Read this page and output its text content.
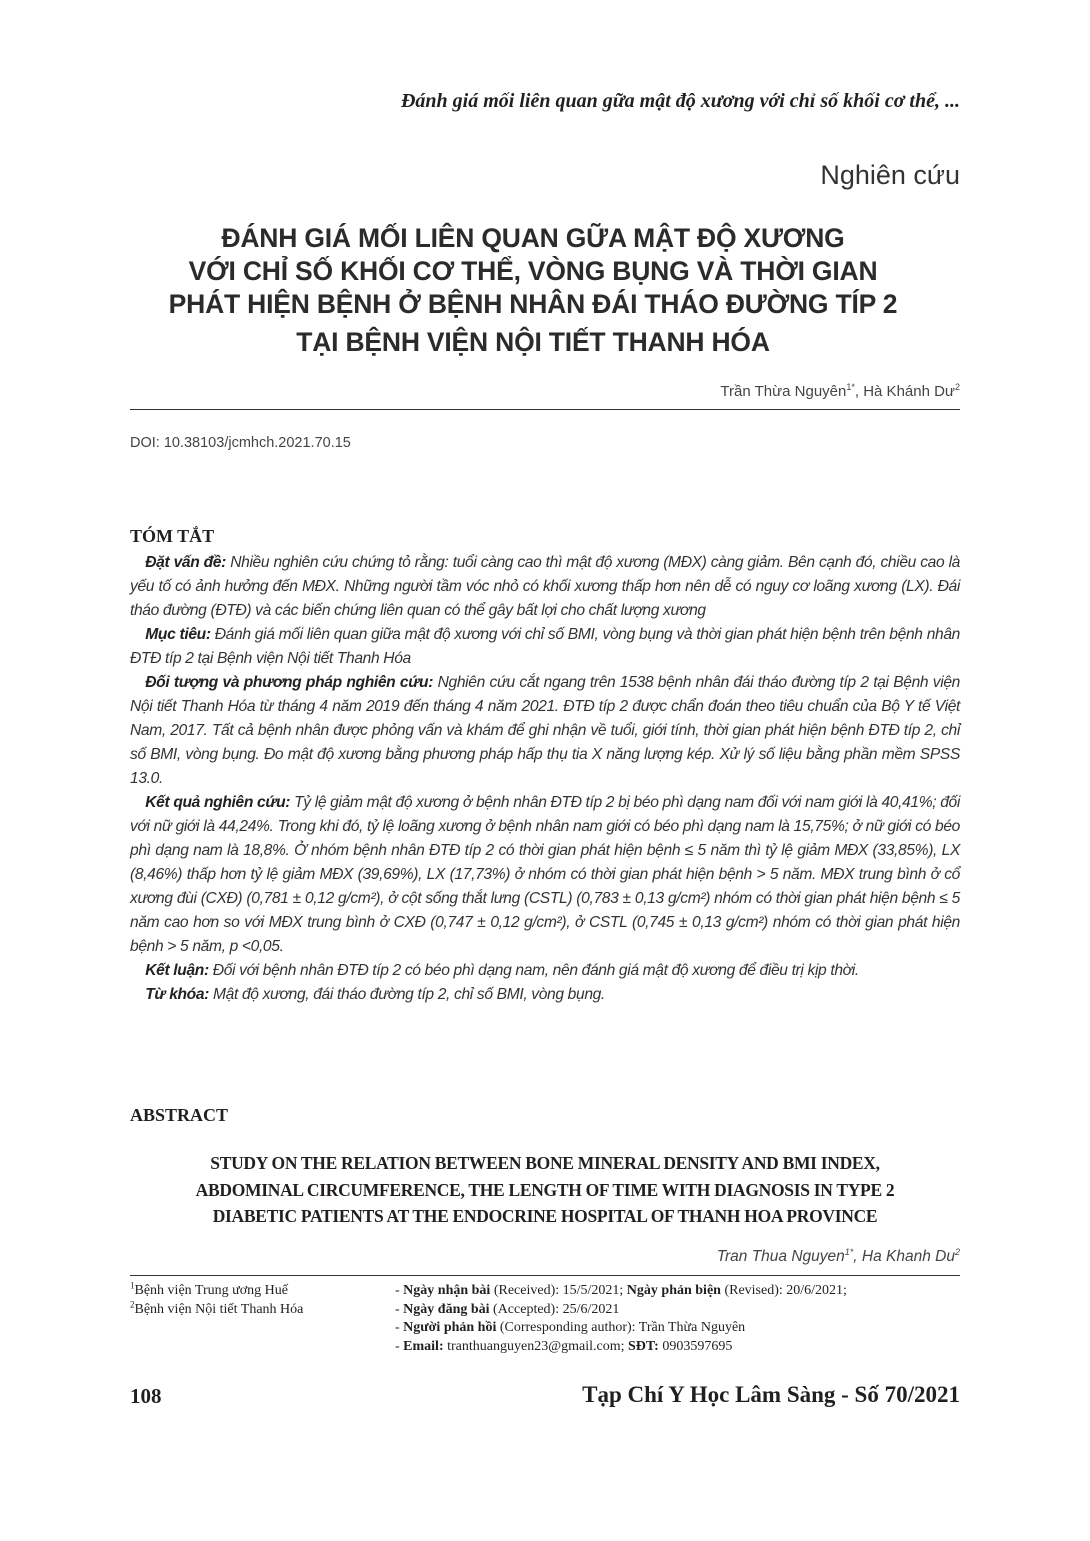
Đánh giá mối liên quan gữa mật độ xương với chỉ số khối cơ thể, ...
Nghiên cứu
ĐÁNH GIÁ MỐI LIÊN QUAN GỮA MẬT ĐỘ XƯƠNG
VỚI CHỈ SỐ KHỐI CƠ THỂ, VÒNG BỤNG VÀ THỜI GIAN
PHÁT HIỆN BỆNH Ở BỆNH NHÂN ĐÁI THÁO ĐƯỜNG TÍP 2
TẠI BỆNH VIỆN NỘI TIẾT THANH HÓA
Trần Thừa Nguyên$^{1*}$, Hà Khánh $Dư^2$
DOI: 10.38103/jcmhch.2021.70.15
TÓM TẮT

 Đặt vấn đề: Nhiều nghiên cứu chứng tỏ rằng: tuổi càng cao thì mật độ xương (MĐX) càng giảm. Bên cạnh đó, chiều cao là yếu tố có ảnh hưởng đến MĐX. Những người tầm vóc nhỏ có khối xương thấp hơn nên dễ có nguy cơ loãng xương (LX). Đái tháo đường (ĐTĐ) và các biến chứng liên quan có thể gây bất lợi cho chất lượng xương

 Mục tiêu: Đánh giá mối liên quan giữa mật độ xương với chỉ số BMI, vòng bụng và thời gian phát hiện bệnh trên bệnh nhân ĐTĐ típ 2 tại Bệnh viện Nội tiết Thanh Hóa

 Đối tượng và phương pháp nghiên cứu: Nghiên cứu cắt ngang trên 1538 bệnh nhân đái tháo đường típ 2 tại Bệnh viện Nội tiết Thanh Hóa từ tháng 4 năm 2019 đến tháng 4 năm 2021. ĐTĐ típ 2 được chẩn đoán theo tiêu chuẩn của Bộ Y tế Việt Nam, 2017. Tất cả bệnh nhân được phỏng vấn và khám để ghi nhận về tuổi, giới tính, thời gian phát hiện bệnh ĐTĐ típ 2, chỉ số BMI, vòng bụng. Đo mật độ xương bằng phương pháp hấp thụ tia X năng lượng kép. Xử lý số liệu bằng phần mềm SPSS 13.0.

 Kết quả nghiên cứu: Tỷ lệ giảm mật độ xương ở bệnh nhân ĐTĐ típ 2 bị béo phì dạng nam đối với nam giới là 40,41%; đối với nữ giới là 44,24%. Trong khi đó, tỷ lệ loãng xương ở bệnh nhân nam giới có béo phì dạng nam là 15,75%; ở nữ giới có béo phì dạng nam là 18,8%. Ở nhóm bệnh nhân ĐTĐ típ 2 có thời gian phát hiện bệnh ≤ 5 năm thì tỷ lệ giảm MĐX (33,85%), LX (8,46%) thấp hơn tỷ lệ giảm MĐX (39,69%), LX (17,73%) ở nhóm có thời gian phát hiện bệnh > 5 năm. MĐX trung bình ở cổ xương đùi (CXĐ) (0,781 ± 0,12 g/cm²), ở cột sống thắt lưng (CSTL) (0,783 ± 0,13 g/cm²) nhóm có thời gian phát hiện bệnh ≤ 5 năm cao hơn so với MĐX trung bình ở CXĐ (0,747 ± 0,12 g/cm²), ở CSTL (0,745 ± 0,13 g/cm²) nhóm có thời gian phát hiện bệnh > 5 năm, p <0,05.

 Kết luận: Đối với bệnh nhân ĐTĐ típ 2 có béo phì dạng nam, nên đánh giá mật độ xương để điều trị kịp thời.

 Từ khóa: Mật độ xương, đái tháo đường típ 2, chỉ số BMI, vòng bụng.

ABSTRACT
STUDY ON THE RELATION BETWEEN BONE MINERAL DENSITY AND BMI INDEX,
ABDOMINAL CIRCUMFERENCE, THE LENGTH OF TIME WITH DIAGNOSIS IN TYPE 2
DIABETIC PATIENTS AT THE ENDOCRINE HOSPITAL OF THANH HOA PROVINCE
Tran Thua Nguyen$^{1*}$, Ha Khanh Du$^2$
$^1$Bệnh viện Trung ương Huế
$^2$Bệnh viện Nội tiết Thanh Hóa
- Ngày nhận bài (Received): 15/5/2021; Ngày phản biện (Revised): 20/6/2021;
- Ngày đăng bài (Accepted): 25/6/2021
- Người phản hồi (Corresponding author): Trần Thừa Nguyên
- Email: tranthuanguyen23@gmail.com; SĐT: 0903597695
108	Tạp Chí Y Học Lâm Sàng - Số 70/2021
